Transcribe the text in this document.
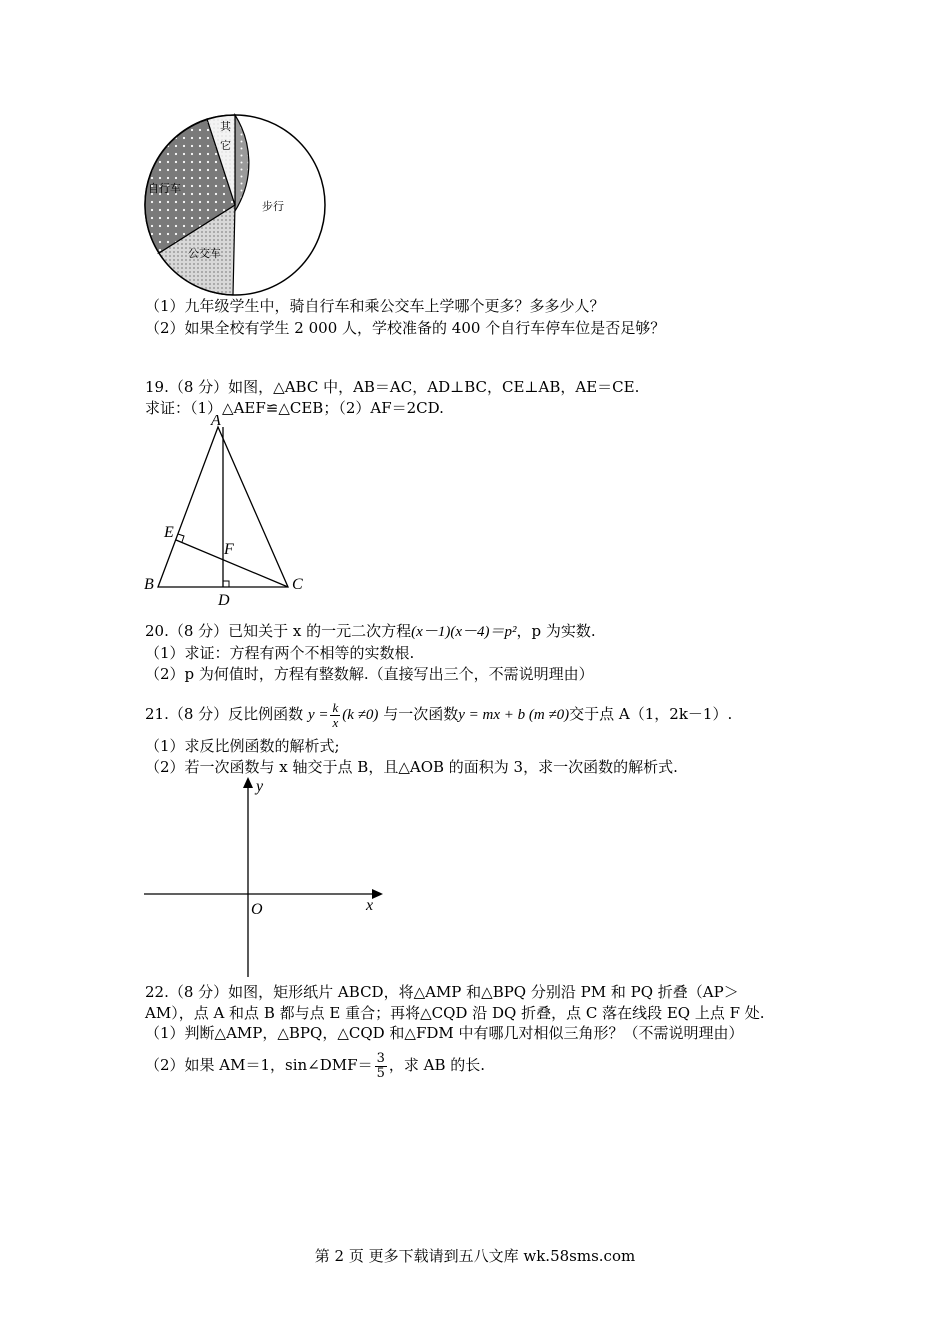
其
它
自行车
步行
公交车
（1）九年级学生中，骑自行车和乘公交车上学哪个更多？多多少人？
（2）如果全校有学生 2 000 人，学校准备的 400 个自行车停车位是否足够？
19.（8 分）如图，△ABC 中，AB＝AC，AD⊥BC，CE⊥AB，AE＝CE.
求证：（1）△AEF≌△CEB；（2）AF＝2CD.
A
B	C
D
E
F
20.（8 分）已知关于 x 的一元二次方程(x－1)(x－4)＝p²，p 为实数.
（1）求证：方程有两个不相等的实数根.
（2）p 为何值时，方程有整数解.（直接写出三个，不需说明理由）
21.（8 分）反比例函数 $y = \frac{k}{x} (k \ne 0)$ 与一次函数y = mx + b (m ≠0)交于点 A（1，2k－1）.
（1）求反比例函数的解析式;
（2）若一次函数与 x 轴交于点 B，且△AOB 的面积为 3，求一次函数的解析式.
y
x
O
22.（8 分）如图，矩形纸片 ABCD，将△AMP 和△BPQ 分别沿 PM 和 PQ 折叠（AP＞
AM），点 A 和点 B 都与点 E 重合；再将△CQD 沿 DQ 折叠，点 C 落在线段 EQ 上点 F 处.
（1）判断△AMP，△BPQ，△CQD 和△FDM 中有哪几对相似三角形？（不需说明理由）
（2）如果 AM＝1，sin∠DMF＝ $\frac{3}{5}$ ，求 AB 的长.
第 2 页 更多下载请到五八文库 wk.58sms.com
